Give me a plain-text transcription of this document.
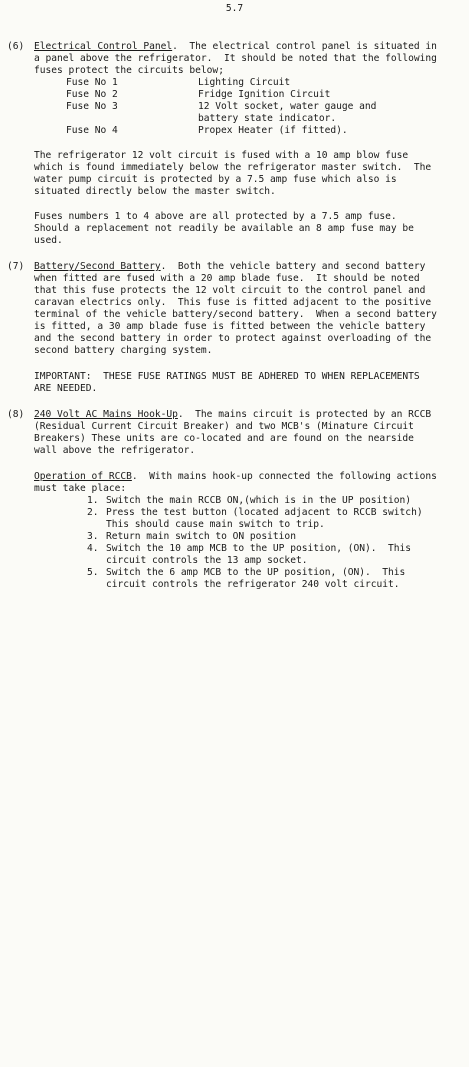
5.7

(6)

Electrical Control Panel.  The electrical control panel is situated in

a panel above the refrigerator.  It should be noted that the following

fuses protect the circuits below;

Fuse No 1

	Lighting Circuit

Fuse No 2

	Fridge Ignition Circuit

Fuse No 3

	12 Volt socket, water gauge and

battery state indicator.

Fuse No 4

	Propex Heater (if fitted).

The refrigerator 12 volt circuit is fused with a 10 amp blow fuse

which is found immediately below the refrigerator master switch.  The

water pump circuit is protected by a 7.5 amp fuse which also is

situated directly below the master switch.

Fuses numbers 1 to 4 above are all protected by a 7.5 amp fuse.

Should a replacement not readily be available an 8 amp fuse may be

used.

(7)

Battery/Second Battery.  Both the vehicle battery and second battery

when fitted are fused with a 20 amp blade fuse.  It should be noted

that this fuse protects the 12 volt circuit to the control panel and

caravan electrics only.  This fuse is fitted adjacent to the positive

terminal of the vehicle battery/second battery.  When a second battery

is fitted, a 30 amp blade fuse is fitted between the vehicle battery

and the second battery in order to protect against overloading of the

second battery charging system.

IMPORTANT:  THESE FUSE RATINGS MUST BE ADHERED TO WHEN REPLACEMENTS

ARE NEEDED.

(8)

240 Volt AC Mains Hook-Up.  The mains circuit is protected by an RCCB

(Residual Current Circuit Breaker) and two MCB's (Minature Circuit

Breakers) These units are co-located and are found on the nearside

wall above the refrigerator.

Operation of RCCB.  With mains hook-up connected the following actions

must take place:

1.

Switch the main RCCB ON,(which is in the UP position)

2.

Press the test button (located adjacent to RCCB switch)

This should cause main switch to trip.

3.

Return main switch to ON position

4.

Switch the 10 amp MCB to the UP position, (ON).  This

circuit controls the 13 amp socket.

5.

Switch the 6 amp MCB to the UP position, (ON).  This

circuit controls the refrigerator 240 volt circuit.
